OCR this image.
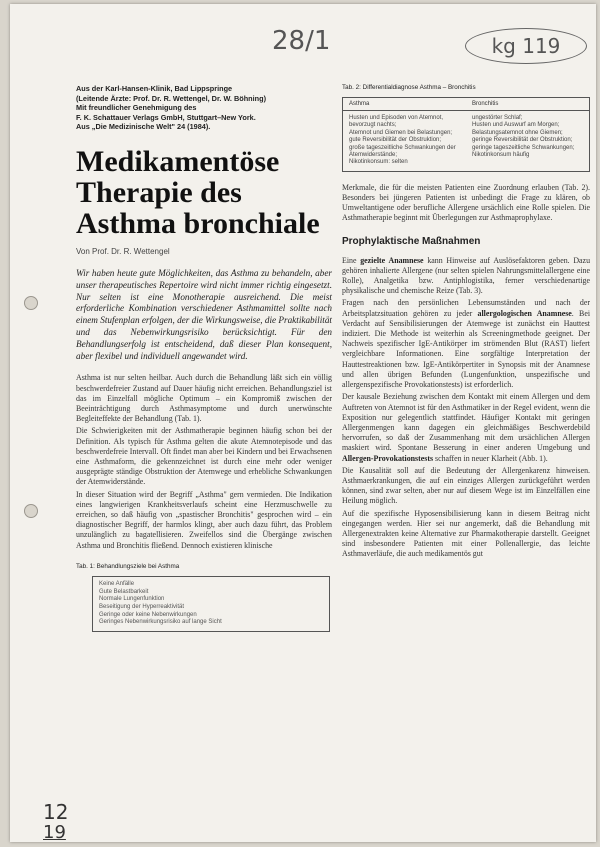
28/1	kg 119
Aus der Karl-Hansen-Klinik, Bad Lippspringe
(Leitende Ärzte: Prof. Dr. R. Wettengel, Dr. W. Böhning)
Mit freundlicher Genehmigung des
F. K. Schattauer Verlags GmbH, Stuttgart–New York.
Aus „Die Medizinische Welt" 24 (1984).
Medikamentöse
Therapie des
Asthma bronchiale
Von Prof. Dr. R. Wettengel
Wir haben heute gute Möglichkeiten, das Asthma zu behandeln, aber unser therapeutisches Repertoire wird nicht immer richtig eingesetzt. Nur selten ist eine Monotherapie ausreichend. Die meist erforderliche Kombination verschiedener Asthmamittel sollte nach einem Stufenplan erfolgen, der die Wirkungsweise, die Praktikabilität und das Nebenwirkungsrisiko berücksichtigt. Für den Behandlungserfolg ist entscheidend, daß dieser Plan konsequent, aber flexibel und individuell angewandet wird.

Asthma ist nur selten heilbar. Auch durch die Behandlung läßt sich ein völlig beschwerdefreier Zustand auf Dauer häufig nicht erreichen. Behandlungsziel ist das im Einzelfall mögliche Optimum – ein Kompromiß zwischen der Beeinträchtigung durch Asthmasymptome und durch unerwünschte Begleiteffekte der Behandlung (Tab. 1).

Die Schwierigkeiten mit der Asthmatherapie beginnen häufig schon bei der Definition. Als typisch für Asthma gelten die akute Atemnotepisode und das beschwerdefreie Intervall. Oft findet man aber bei Kindern und bei Erwachsenen eine Asthmaform, die gekennzeichnet ist durch eine mehr oder weniger ausgeprägte ständige Obstruktion der Atemwege und erhebliche Schwankungen der Atemwiderstände.

In dieser Situation wird der Begriff „Asthma" gern vermieden. Die Indikation eines langwierigen Krankheitsverlaufs scheint eine Herzmuschwelle zu erreichen, so daß häufig von „spastischer Bronchitis" gesprochen wird – ein diagnostischer Begriff, der harmlos klingt, aber auch dazu führt, das Problem unzulänglich zu bagatellisieren. Zweifellos sind die Übergänge zwischen Asthma und Bronchitis fließend. Dennoch existieren klinische

Tab. 1: Behandlungsziele bei Asthma
Keine Anfälle
Gute Belastbarkeit
Normale Lungenfunktion
Beseitigung der Hyperreaktivität
Geringe oder keine Nebenwirkungen
Geringes Nebenwirkungsrisiko auf lange Sicht
Tab. 2: Differentialdiagnose Asthma – Bronchitis
Asthma	Bronchitis
Husten und Episoden von Atemnot, bevorzugt nachts;
Atemnot und Giemen bei Belastungen;
gute Reversibilität der Obstruktion;
große tageszeitliche Schwankungen der Atemwiderstände;
Nikotinkonsum: selten
ungestörter Schlaf;
Husten und Auswurf am Morgen;
Belastungsatemnot ohne Giemen;
geringe Reversibilität der Obstruktion;
geringe tageszeitliche Schwankungen;
Nikotinkonsum häufig

Merkmale, die für die meisten Patienten eine Zuordnung erlauben (Tab. 2). Besonders bei jüngeren Patienten ist unbedingt die Frage zu klären, ob Umweltantigene oder berufliche Allergene ursächlich eine Rolle spielen. Die Asthmatherapie beginnt mit Überlegungen zur Asthmaprophylaxe.

Prophylaktische Maßnahmen

Eine gezielte Anamnese kann Hinweise auf Auslösefaktoren geben. Dazu gehören inhalierte Allergene (nur selten spielen Nahrungsmittelallergene eine Rolle), Analgetika bzw. Antiphlogistika, ferner verschiedenartige physikalische und chemische Reize (Tab. 3).

Fragen nach den persönlichen Lebensumständen und nach der Arbeitsplatzsituation gehören zu jeder allergologischen Anamnese. Bei Verdacht auf Sensibilisierungen der Atemwege ist zunächst ein Hauttest indiziert. Die Methode ist weiterhin als Screeningmethode geeignet. Der Nachweis spezifischer IgE-Antikörper im strömenden Blut (RAST) liefert vergleichbare Informationen. Eine sorgfältige Interpretation der Hauttestreaktionen bzw. IgE-Antikörpertiter in Synopsis mit der Anamnese und allen übrigen Befunden (Lungenfunktion, unspezifische und allergenspezifische Provokationstests) ist erforderlich.

Der kausale Beziehung zwischen dem Kontakt mit einem Allergen und dem Auftreten von Atemnot ist für den Asthmatiker in der Regel evident, wenn die Exposition nur gelegentlich stattfindet. Häufiger Kontakt mit geringen Allergenmengen kann dagegen ein gleichmäßiges Beschwerdebild hervorrufen, so daß der Zusammenhang mit dem ursächlichen Allergen maskiert wird. Spontane Besserung in einer anderen Umgebung und Allergen-Provokationstests schaffen in neuer Klarheit (Abb. 1).

Die Kausalität soll auf die Bedeutung der Allergenkarenz hinweisen. Asthmaerkrankungen, die auf ein einziges Allergen zurückgeführt werden können, sind zwar selten, aber nur auf diesem Wege ist im Einzelfällen eine Heilung möglich.

Auf die spezifische Hyposensibilisierung kann in diesem Beitrag nicht eingegangen werden. Hier sei nur angemerkt, daß die Behandlung mit Allergenextrakten keine Alternative zur Pharmakotherapie darstellt. Geeignet sind insbesondere Patienten mit einer Pollenallergie, das leichte Asthmaverläufe, die auch medikamentös gut

12
19
